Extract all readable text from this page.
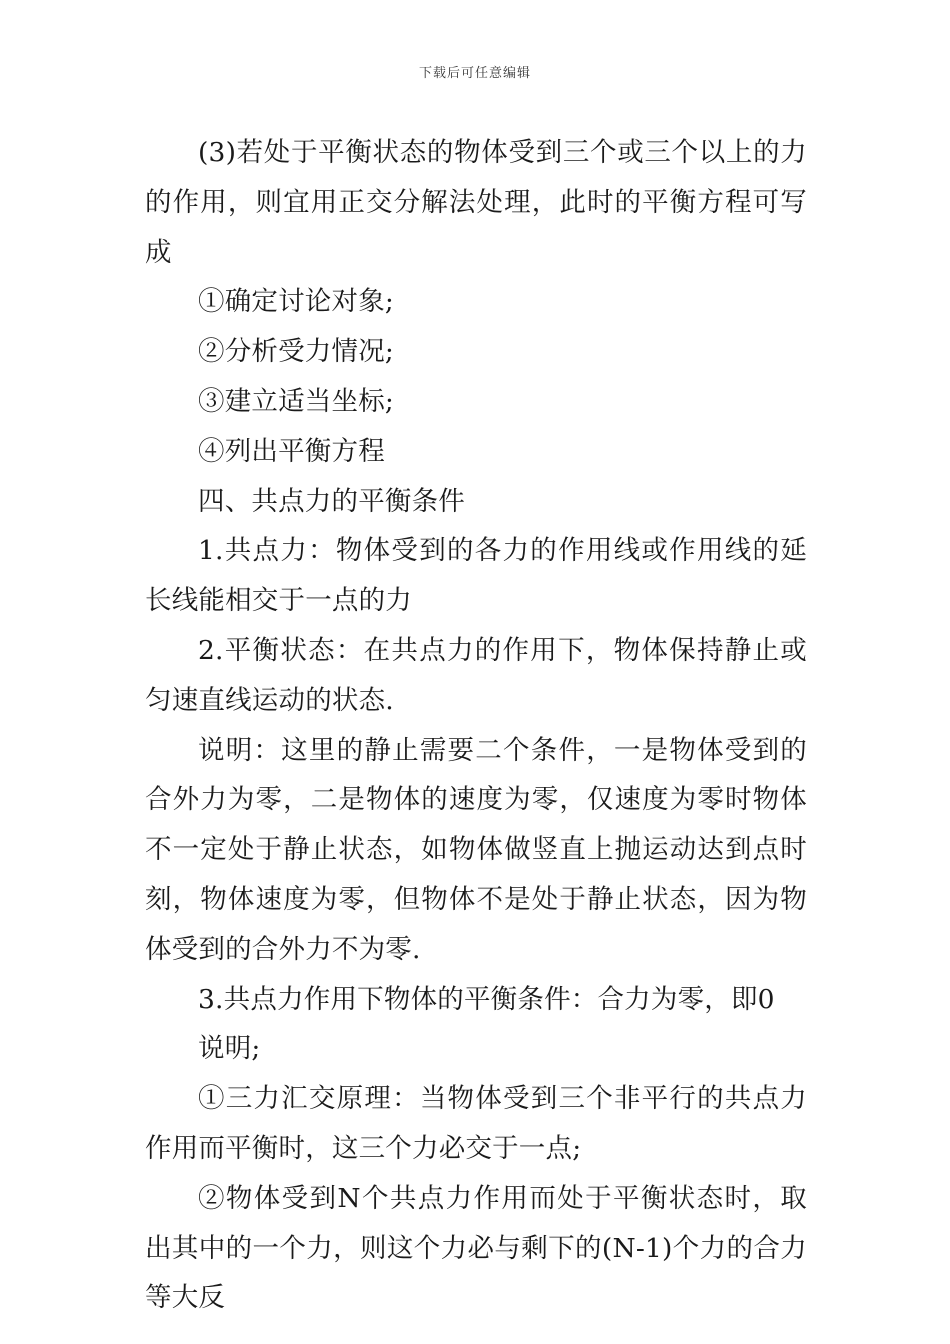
下载后可任意编辑

(3)若处于平衡状态的物体受到三个或三个以上的力的作用，则宜用正交分解法处理，此时的平衡方程可写成

①确定讨论对象;

②分析受力情况;

③建立适当坐标;

④列出平衡方程

四、共点力的平衡条件

1.共点力：物体受到的各力的作用线或作用线的延长线能相交于一点的力

2.平衡状态：在共点力的作用下，物体保持静止或匀速直线运动的状态.

说明：这里的静止需要二个条件，一是物体受到的合外力为零，二是物体的速度为零，仅速度为零时物体不一定处于静止状态，如物体做竖直上抛运动达到点时刻，物体速度为零，但物体不是处于静止状态，因为物体受到的合外力不为零.

3.共点力作用下物体的平衡条件：合力为零，即0

说明;

①三力汇交原理：当物体受到三个非平行的共点力作用而平衡时，这三个力必交于一点;

②物体受到N个共点力作用而处于平衡状态时，取出其中的一个力，则这个力必与剩下的(N-1)个力的合力等大反
